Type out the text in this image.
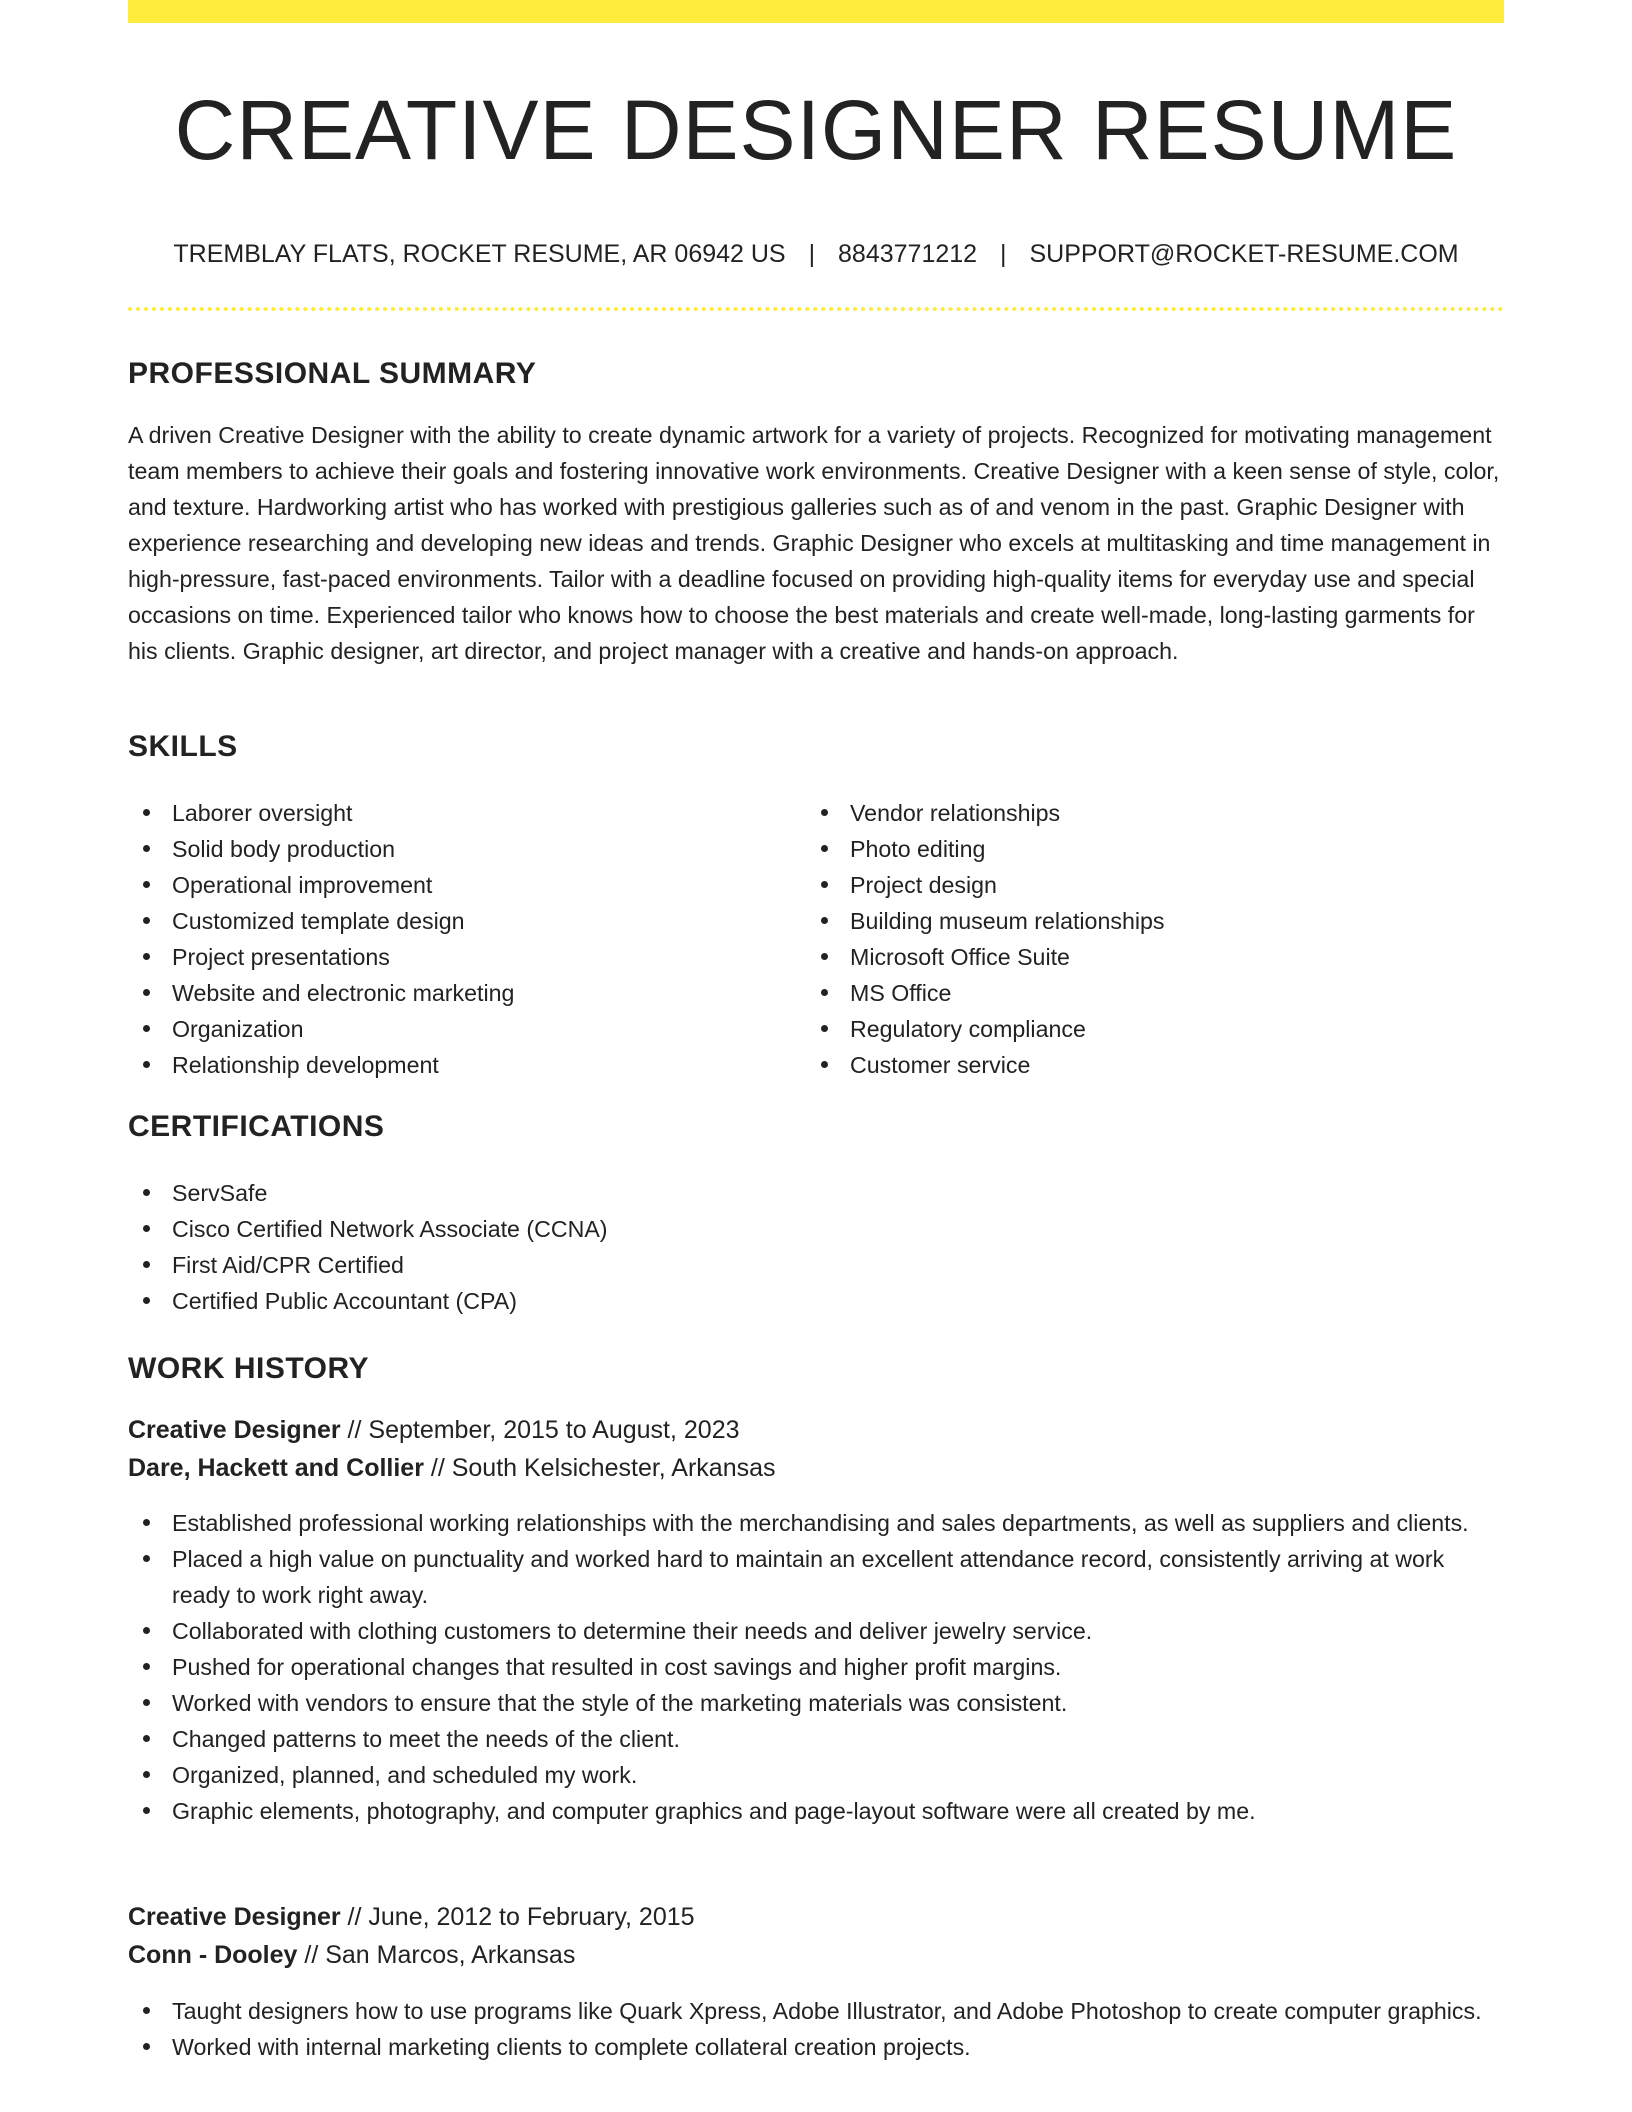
CREATIVE DESIGNER RESUME
TREMBLAY FLATS, ROCKET RESUME, AR 06942 US | 8843771212 | SUPPORT@ROCKET-RESUME.COM
PROFESSIONAL SUMMARY

A driven Creative Designer with the ability to create dynamic artwork for a variety of projects. Recognized for motivating management team members to achieve their goals and fostering innovative work environments. Creative Designer with a keen sense of style, color, and texture. Hardworking artist who has worked with prestigious galleries such as of and venom in the past. Graphic Designer with experience researching and developing new ideas and trends. Graphic Designer who excels at multitasking and time management in high-pressure, fast-paced environments. Tailor with a deadline focused on providing high-quality items for everyday use and special occasions on time. Experienced tailor who knows how to choose the best materials and create well-made, long-lasting garments for his clients. Graphic designer, art director, and project manager with a creative and hands-on approach.

SKILLS
Laborer oversight
Solid body production
Operational improvement
Customized template design
Project presentations
Website and electronic marketing
Organization
Relationship development
Vendor relationships
Photo editing
Project design
Building museum relationships
Microsoft Office Suite
MS Office
Regulatory compliance
Customer service
CERTIFICATIONS
ServSafe
Cisco Certified Network Associate (CCNA)
First Aid/CPR Certified
Certified Public Accountant (CPA)
WORK HISTORY
Creative Designer // September, 2015 to August, 2023
Dare, Hackett and Collier // South Kelsichester, Arkansas
Established professional working relationships with the merchandising and sales departments, as well as suppliers and clients.
Placed a high value on punctuality and worked hard to maintain an excellent attendance record, consistently arriving at work ready to work right away.
Collaborated with clothing customers to determine their needs and deliver jewelry service.
Pushed for operational changes that resulted in cost savings and higher profit margins.
Worked with vendors to ensure that the style of the marketing materials was consistent.
Changed patterns to meet the needs of the client.
Organized, planned, and scheduled my work.
Graphic elements, photography, and computer graphics and page-layout software were all created by me.
Creative Designer // June, 2012 to February, 2015
Conn - Dooley // San Marcos, Arkansas
Taught designers how to use programs like Quark Xpress, Adobe Illustrator, and Adobe Photoshop to create computer graphics.
Worked with internal marketing clients to complete collateral creation projects.
